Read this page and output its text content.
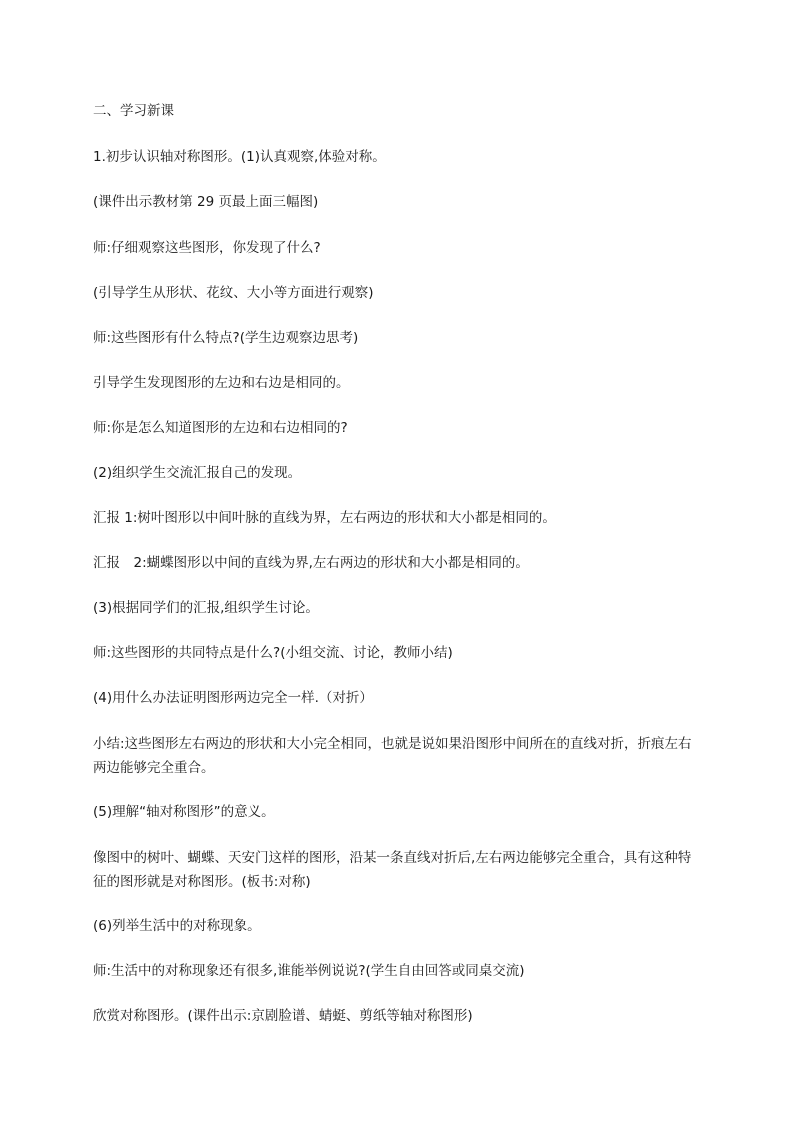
二、学习新课
1.初步认识轴对称图形。(1)认真观察,体验对称。
(课件出示教材第 29 页最上面三幅图)
师:仔细观察这些图形，你发现了什么?
(引导学生从形状、花纹、大小等方面进行观察)
师:这些图形有什么特点?(学生边观察边思考)
引导学生发现图形的左边和右边是相同的。
师:你是怎么知道图形的左边和右边相同的?
(2)组织学生交流汇报自己的发现。
汇报 1:树叶图形以中间叶脉的直线为界，左右两边的形状和大小都是相同的。
汇报　2:蝴蝶图形以中间的直线为界,左右两边的形状和大小都是相同的。
(3)根据同学们的汇报,组织学生讨论。
师:这些图形的共同特点是什么?(小组交流、讨论，教师小结)
(4)用什么办法证明图形两边完全一样.（对折）
小结:这些图形左右两边的形状和大小完全相同，也就是说如果沿图形中间所在的直线对折，折痕左右两边能够完全重合。
(5)理解“轴对称图形”的意义。
像图中的树叶、蝴蝶、天安门这样的图形，沿某一条直线对折后,左右两边能够完全重合，具有这种特征的图形就是对称图形。(板书:对称)
(6)列举生活中的对称现象。
师:生活中的对称现象还有很多,谁能举例说说?(学生自由回答或同桌交流)
欣赏对称图形。(课件出示:京剧脸谱、蜻蜓、剪纸等轴对称图形)
